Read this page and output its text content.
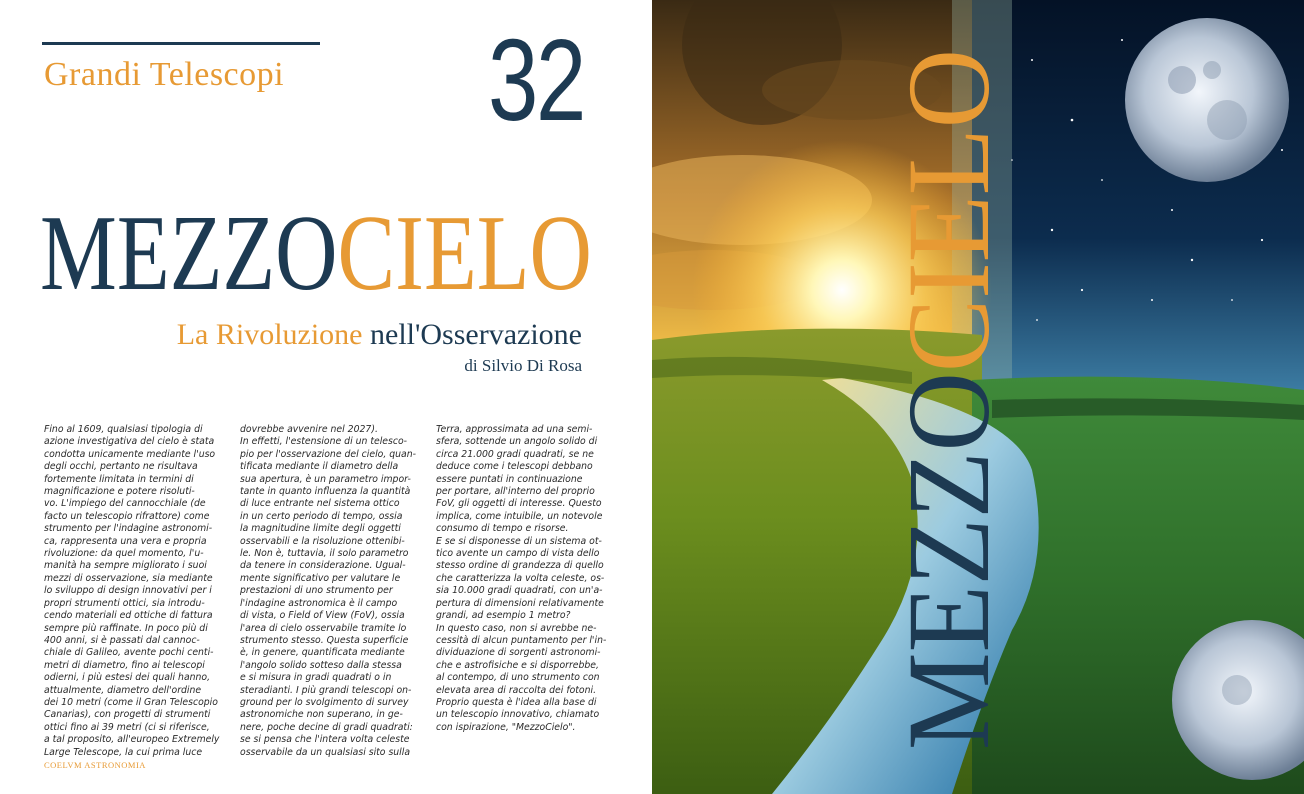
Grandi Telescopi 32
MEZZOCIELO
La Rivoluzione nell'Osservazione
di Silvio Di Rosa

Fino al 1609, qualsiasi tipologia di
azione investigativa del cielo è stata
condotta unicamente mediante l'uso
degli occhi, pertanto ne risultava
fortemente limitata in termini di
magnificazione e potere risoluti-
vo. L'impiego del cannocchiale (de
facto un telescopio rifrattore) come
strumento per l'indagine astronomi-
ca, rappresenta una vera e propria
rivoluzione: da quel momento, l'u-
manità ha sempre migliorato i suoi
mezzi di osservazione, sia mediante
lo sviluppo di design innovativi per i
propri strumenti ottici, sia introdu-
cendo materiali ed ottiche di fattura
sempre più raffinate. In poco più di
400 anni, si è passati dal cannoc-
chiale di Galileo, avente pochi centi-
metri di diametro, fino ai telescopi
odierni, i più estesi dei quali hanno,
attualmente, diametro dell'ordine
dei 10 metri (come il Gran Telescopio
Canarias), con progetti di strumenti
ottici fino ai 39 metri (ci si riferisce,
a tal proposito, all'europeo Extremely
Large Telescope, la cui prima luce

dovrebbe avvenire nel 2027).
In effetti, l'estensione di un telesco-
pio per l'osservazione del cielo, quan-
tificata mediante il diametro della
sua apertura, è un parametro impor-
tante in quanto influenza la quantità
di luce entrante nel sistema ottico
in un certo periodo di tempo, ossia
la magnitudine limite degli oggetti
osservabili e la risoluzione ottenibi-
le. Non è, tuttavia, il solo parametro
da tenere in considerazione. Ugual-
mente significativo per valutare le
prestazioni di uno strumento per
l'indagine astronomica è il campo
di vista, o Field of View (FoV), ossia
l'area di cielo osservabile tramite lo
strumento stesso. Questa superficie
è, in genere, quantificata mediante
l'angolo solido sotteso dalla stessa
e si misura in gradi quadrati o in
steradianti. I più grandi telescopi on-
ground per lo svolgimento di survey
astronomiche non superano, in ge-
nere, poche decine di gradi quadrati:
se si pensa che l'intera volta celeste
osservabile da un qualsiasi sito sulla

Terra, approssimata ad una semi-
sfera, sottende un angolo solido di
circa 21.000 gradi quadrati, se ne
deduce come i telescopi debbano
essere puntati in continuazione
per portare, all'interno del proprio
FoV, gli oggetti di interesse. Questo
implica, come intuibile, un notevole
consumo di tempo e risorse.
E se si disponesse di un sistema ot-
tico avente un campo di vista dello
stesso ordine di grandezza di quello
che caratterizza la volta celeste, os-
sia 10.000 gradi quadrati, con un'a-
pertura di dimensioni relativamente
grandi, ad esempio 1 metro?
In questo caso, non si avrebbe ne-
cessità di alcun puntamento per l'in-
dividuazione di sorgenti astronomi-
che e astrofisiche e si disporrebbe,
al contempo, di uno strumento con
elevata area di raccolta dei fotoni.
Proprio questa è l'idea alla base di
un telescopio innovativo, chiamato
con ispirazione, "MezzoCielo".

COELVM ASTRONOMIA
MEZZOCIELO
